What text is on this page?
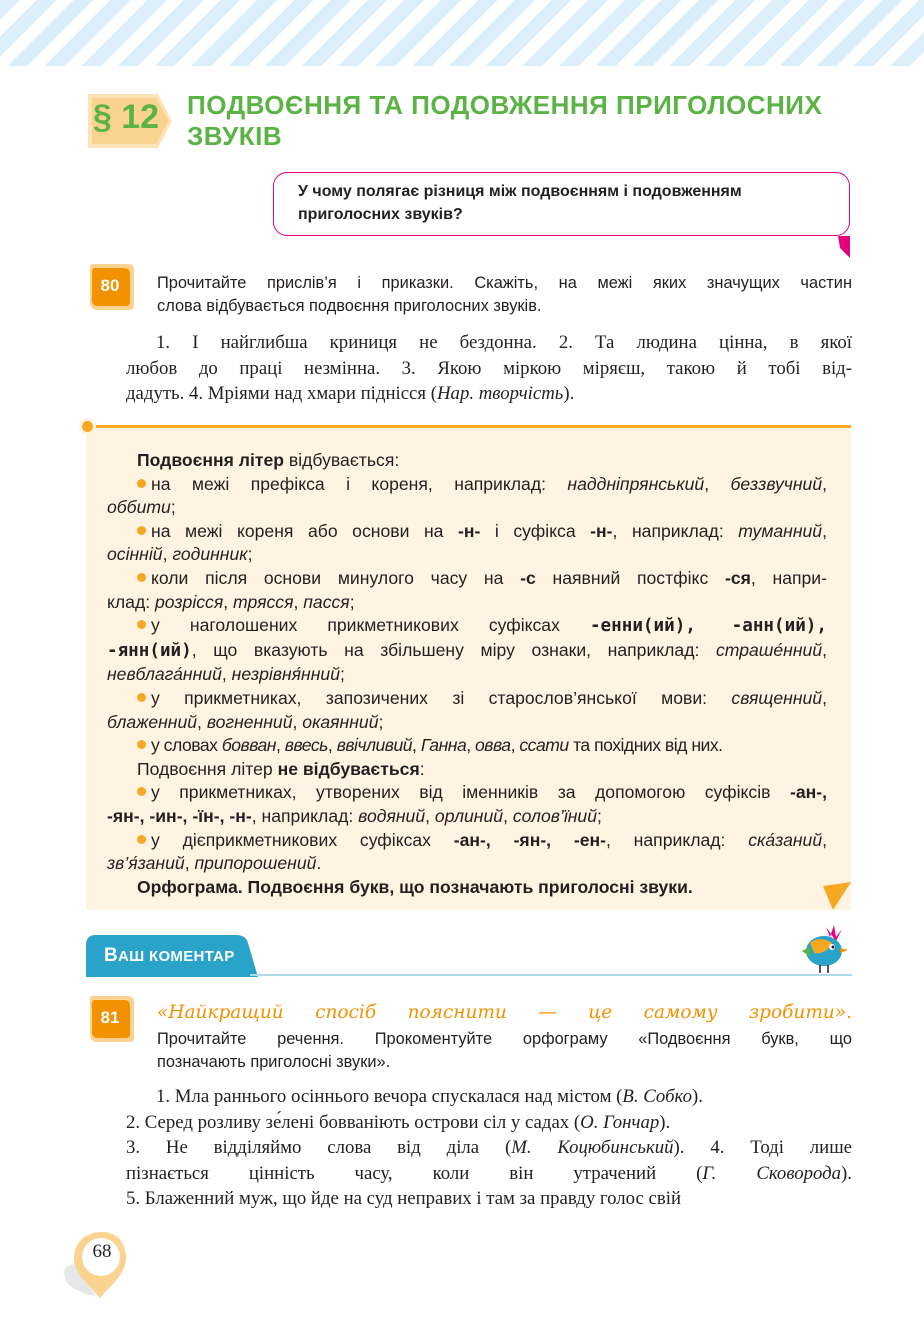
§ 12 ПОДВОЄННЯ ТА ПОДОВЖЕННЯ ПРИГОЛОСНИХ
ЗВУКІВ
У чому полягає різниця між подвоєнням і подовженням
приголосних звуків?
80	Прочитайте прислів’я і приказки. Скажіть, на межі яких значущих частин
слова відбувається подвоєння приголосних звуків.
1. І найглибша криниця не бездонна. 2. Та людина цінна, в якої
любов до праці незмінна. 3. Якою міркою міряєш, такою й тобі від-
дадуть. 4. Мріями над хмари піднісся (Нар. творчість).
Подвоєння літер відбувається:
на межі префікса і кореня, наприклад: наддніпрянський, беззвучний,
оббити;
на межі кореня або основи на -н- і суфікса -н-, наприклад: туманний,
осінній, годинник;
коли після основи минулого часу на -с наявний постфікс -ся, напри-
клад: розрісся, трясся, пасся;
у наголошених прикметникових суфіксах -енни(ий), -анн(ий),
-янн(ий), що вказують на збільшену міру ознаки, наприклад: страше́нний,
невблага́нний, незрівня́нний;
у прикметниках, запозичених зі старослов’янської мови: священний,
блаженний, вогненний, окаянний;
у словах бовван, ввесь, ввічливий, Ганна, овва, ссати та похідних від них.
Подвоєння літер не відбувається:
у прикметниках, утворених від іменників за допомогою суфіксів -ан-,
-ян-, -ин-, -їн-, -н-, наприклад: водяний, орлиний, солов’їний;
у дієприкметникових суфіксах -ан-, -ян-, -ен-, наприклад: ска́заний,
зв’я́заний, припорошений.
Орфограма. Подвоєння букв, що позначають приголосні звуки.
ВАШ КОМЕНТАР
81	«Найкращий спосіб пояснити — це самому зробити».
Прочитайте речення. Прокоментуйте орфограму «Подвоєння букв, що
позначають приголосні звуки».
1. Мла раннього осіннього вечора спускалася над містом (В. Собко).
2. Серед розливу зе́лені бовваніють острови сіл у садах (О. Гончар).
3. Не відділяймо слова від діла (М. Коцюбинський). 4. Тоді лише
пізнається цінність часу, коли він утрачений (Г. Сковорода).
5. Блаженний муж, що йде на суд неправих і там за правду голос свій
68
